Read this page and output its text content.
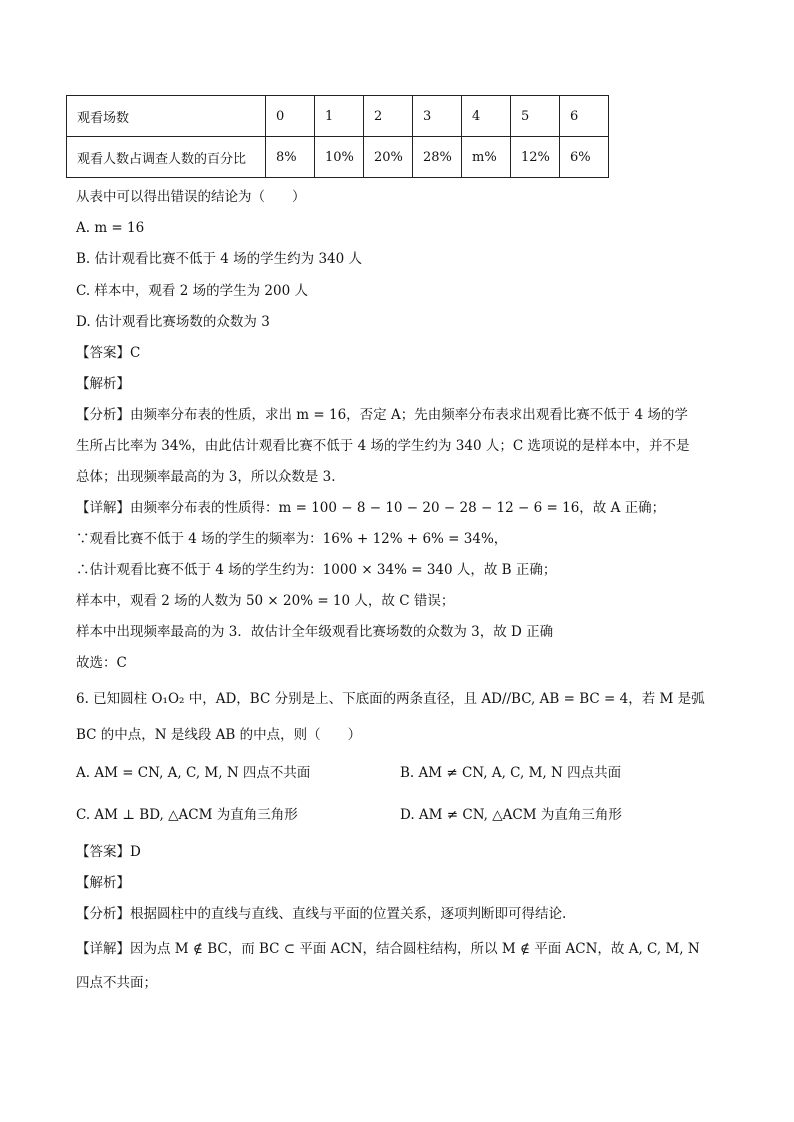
观看场数	0	1	2	3	4	5	6
观看人数占调查人数的百分比	8%	10%	20%	28%	m%	12%	6%
从表中可以得出错误的结论为（　　）
A. m = 16
B. 估计观看比赛不低于 4 场的学生约为 340 人
C. 样本中，观看 2 场的学生为 200 人
D. 估计观看比赛场数的众数为 3
【答案】C
【解析】
【分析】由频率分布表的性质，求出 m = 16，否定 A；先由频率分布表求出观看比赛不低于 4 场的学
生所占比率为 34%，由此估计观看比赛不低于 4 场的学生约为 340 人；C 选项说的是样本中，并不是
总体；出现频率最高的为 3，所以众数是 3.
【详解】由频率分布表的性质得：m = 100 − 8 − 10 − 20 − 28 − 12 − 6 = 16，故 A 正确；
∵观看比赛不低于 4 场的学生的频率为：16% + 12% + 6% = 34%，
∴估计观看比赛不低于 4 场的学生约为：1000 × 34% = 340 人，故 B 正确；
样本中，观看 2 场的人数为 50 × 20% = 10 人，故 C 错误；
样本中出现频率最高的为 3．故估计全年级观看比赛场数的众数为 3，故 D 正确
故选：C
6. 已知圆柱 O₁O₂ 中，AD，BC 分别是上、下底面的两条直径，且 AD//BC, AB = BC = 4，若 M 是弧
BC 的中点，N 是线段 AB 的中点，则（　　）
A. AM = CN, A, C, M, N 四点不共面	B. AM ≠ CN, A, C, M, N 四点共面
C. AM ⊥ BD, △ACM 为直角三角形	D. AM ≠ CN, △ACM 为直角三角形
【答案】D
【解析】
【分析】根据圆柱中的直线与直线、直线与平面的位置关系，逐项判断即可得结论.
【详解】因为点 M ∉ BC，而 BC ⊂ 平面 ACN，结合圆柱结构，所以 M ∉ 平面 ACN，故 A, C, M, N
四点不共面；
